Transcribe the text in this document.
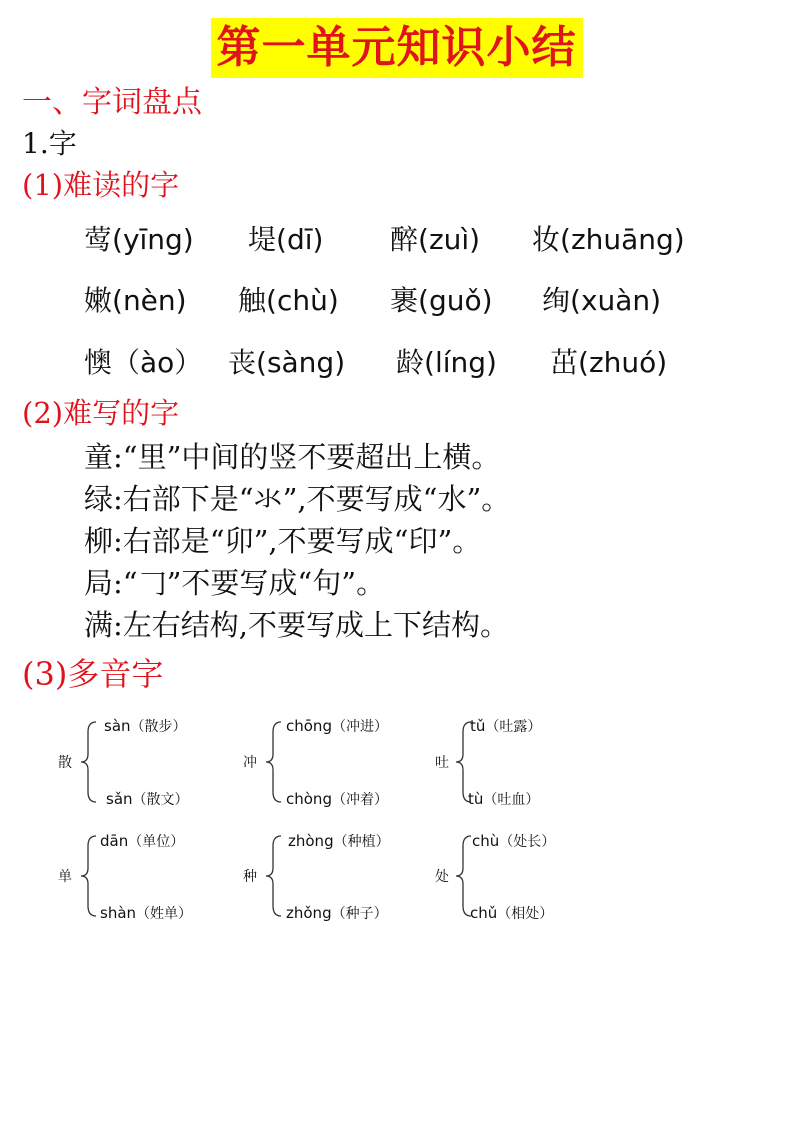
第一单元知识小结
一、字词盘点
1.字
(1)难读的字
莺(yīng) 堤(dī) 醉(zuì) 妆(zhuāng)
嫩(nèn) 触(chù) 裹(guǒ) 绚(xuàn)
懊（ào） 丧(sàng) 龄(líng) 茁(zhuó)
(2)难写的字
童:“里”中间的竖不要超出上横。
绿:右部下是“氺”,不要写成“水”。
柳:右部是“卯”,不要写成“印”。
局:“𠃌”不要写成“句”。
满:左右结构,不要写成上下结构。
(3)多音字
散
sàn（散步）
sǎn（散文）
冲
chōng（冲进）
chòng（冲着）
吐
tǔ（吐露）
tù（吐血）
单
dān（单位）
shàn（姓单）
种
zhòng（种植）
zhǒng（种子）
处
chù（处长）
chǔ（相处）
